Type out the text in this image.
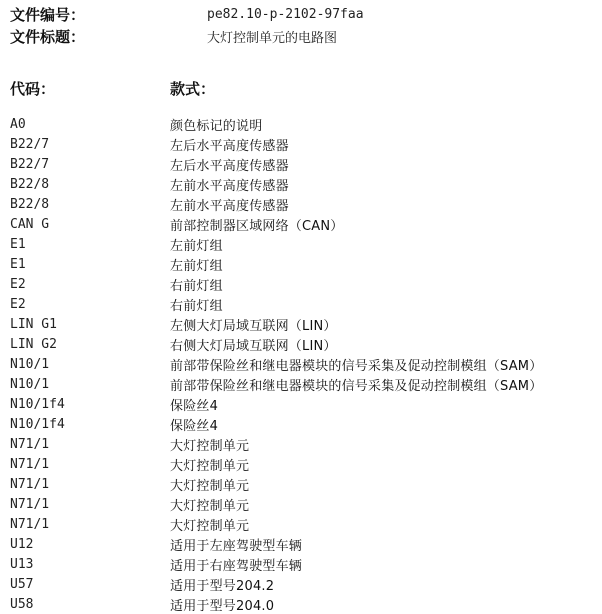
文件编号：	pe82.10-p-2102-97faa
文件标题：	大灯控制单元的电路图
代码：	款式：
A0	颜色标记的说明
B22/7	左后水平高度传感器
B22/7	左后水平高度传感器
B22/8	左前水平高度传感器
B22/8	左前水平高度传感器
CAN G	前部控制器区域网络（CAN）
E1	左前灯组
E1	左前灯组
E2	右前灯组
E2	右前灯组
LIN G1	左侧大灯局域互联网（LIN）
LIN G2	右侧大灯局域互联网（LIN）
N10/1	前部带保险丝和继电器模块的信号采集及促动控制模组（SAM）
N10/1	前部带保险丝和继电器模块的信号采集及促动控制模组（SAM）
N10/1f4	保险丝4
N10/1f4	保险丝4
N71/1	大灯控制单元
N71/1	大灯控制单元
N71/1	大灯控制单元
N71/1	大灯控制单元
N71/1	大灯控制单元
U12	适用于左座驾驶型车辆
U13	适用于右座驾驶型车辆
U57	适用于型号204.2
U58	适用于型号204.0
